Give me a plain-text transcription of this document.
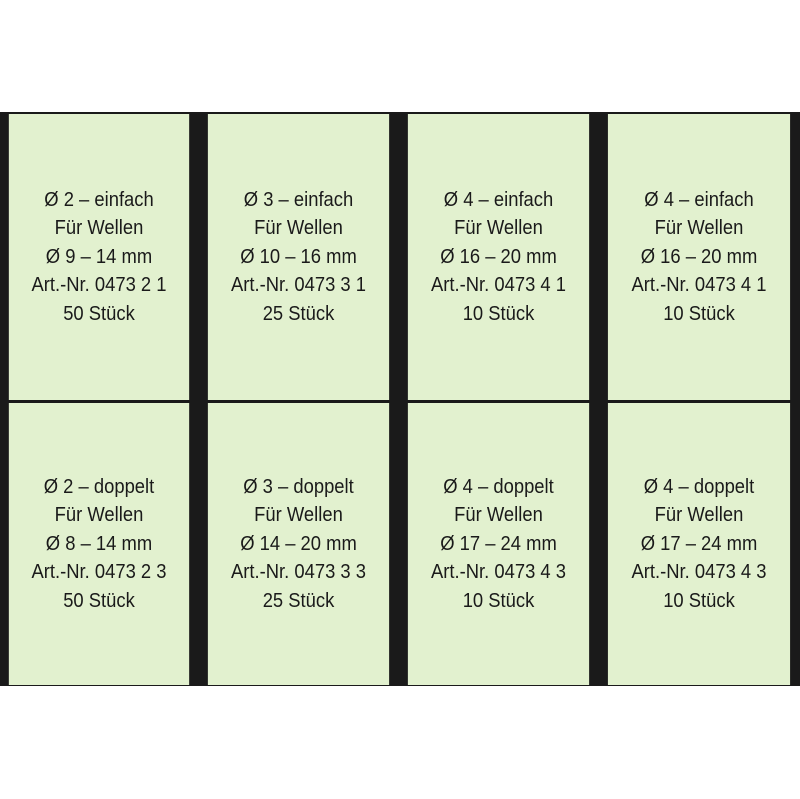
Ø 2 – einfach
Für Wellen
Ø 9 – 14 mm
Art.-Nr. 0473 2 1
50 Stück
Ø 3 – einfach
Für Wellen
Ø 10 – 16 mm
Art.-Nr. 0473 3 1
25 Stück
Ø 4 – einfach
Für Wellen
Ø 16 – 20 mm
Art.-Nr. 0473 4 1
10 Stück
Ø 4 – einfach
Für Wellen
Ø 16 – 20 mm
Art.-Nr. 0473 4 1
10 Stück
Ø 2 – doppelt
Für Wellen
Ø 8 – 14 mm
Art.-Nr. 0473 2 3
50 Stück
Ø 3 – doppelt
Für Wellen
Ø 14 – 20 mm
Art.-Nr. 0473 3 3
25 Stück
Ø 4 – doppelt
Für Wellen
Ø 17 – 24 mm
Art.-Nr. 0473 4 3
10 Stück
Ø 4 – doppelt
Für Wellen
Ø 17 – 24 mm
Art.-Nr. 0473 4 3
10 Stück
